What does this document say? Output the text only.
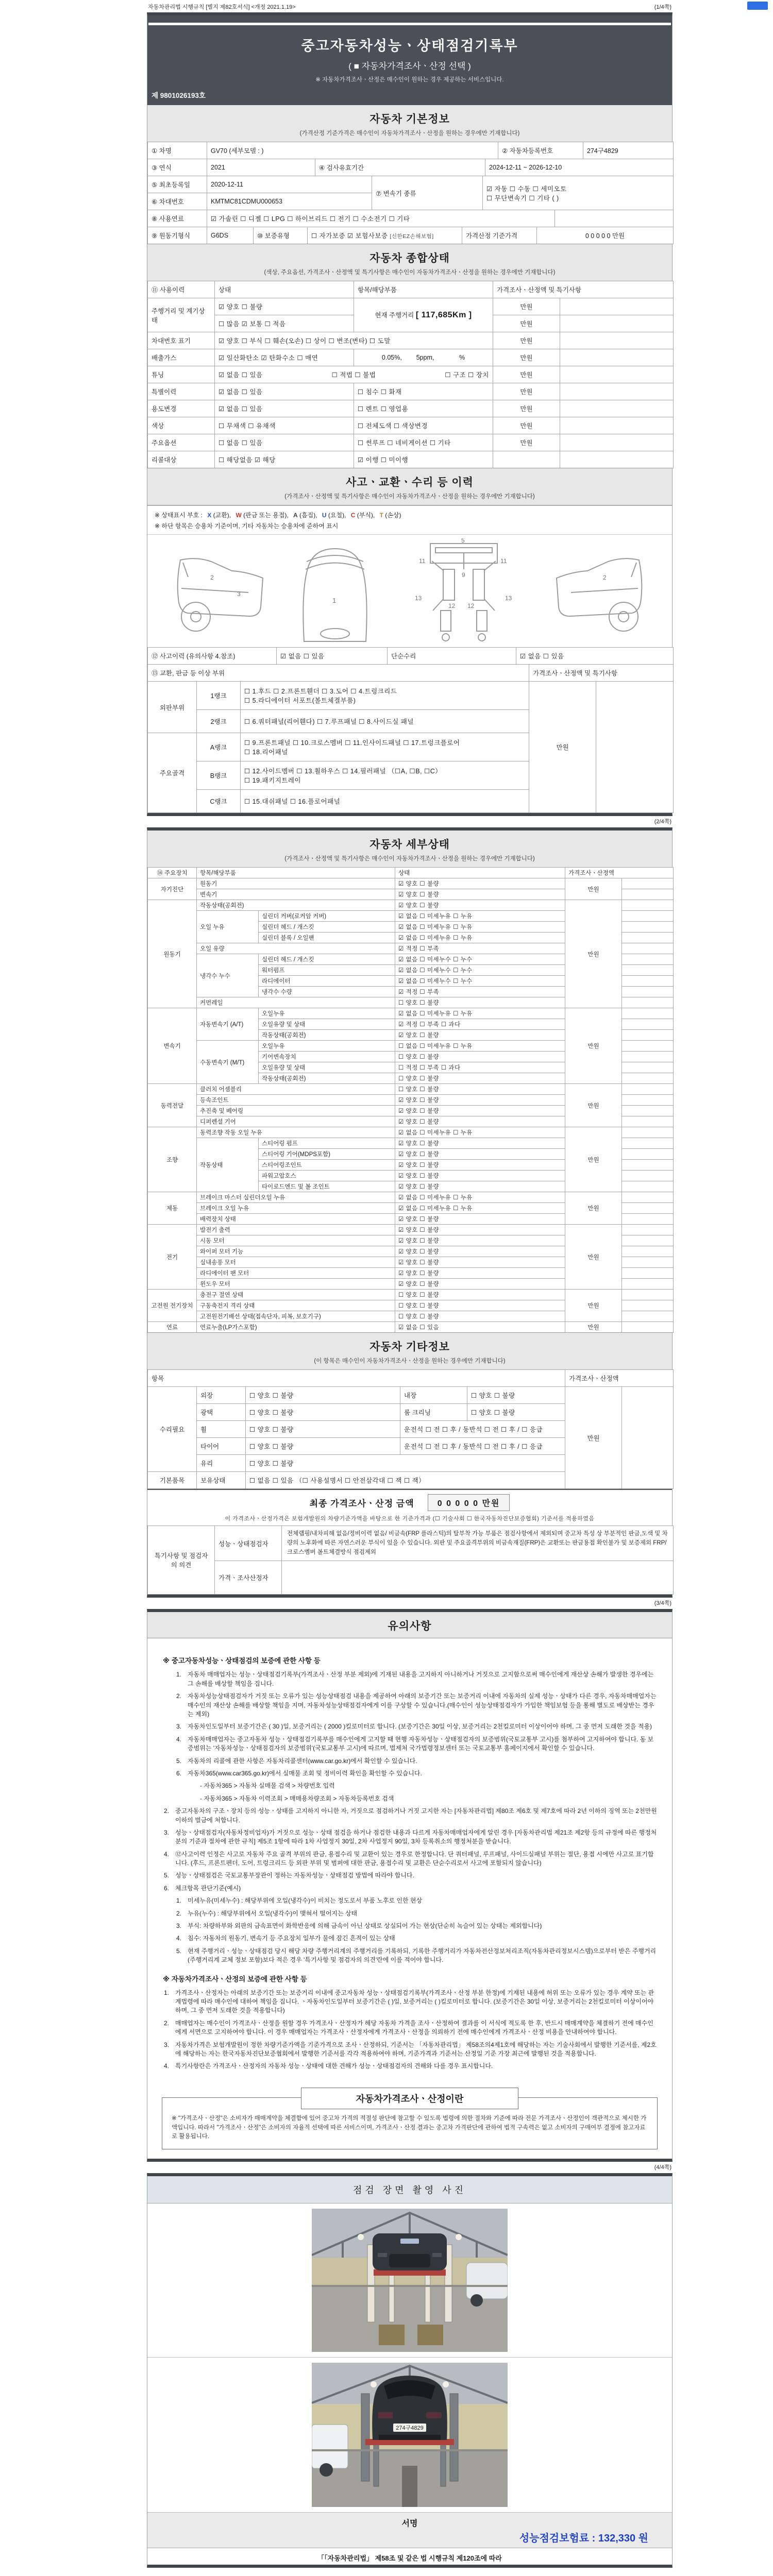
자동차관리법 시행규칙 [별지 제82호서식] <개정 2021.1.19>	(1/4쪽)
중고자동차성능ㆍ상태점검기록부
( ■ 자동차가격조사ㆍ산정 선택 )
※ 자동차가격조사ㆍ산정은 매수인이 원하는 경우 제공하는 서비스입니다.
제 9801026193호
자동차 기본정보
(가격산정 기준가격은 매수인이 자동차가격조사ㆍ산정을 원하는 경우에만 기재합니다)
① 차명	GV70 (세부모델 : )	② 자동차등록번호	274구4829
③ 연식	2021	④ 검사유효기간	2024-12-11 ~ 2026-12-10
⑤ 최초등록일	2020-12-11	⑦ 변속기 종류	☑ 자동 ☐ 수동 ☐ 세미오토
☐ 무단변속기 ☐ 기타 ( )

⑥ 차대번호	KMTMC81CDMU000653		
⑧ 사용연료	☑ 가솔린 ☐ 디젤 ☐ LPG ☐ 하이브리드 ☐ 전기 ☐ 수소전기 ☐ 기타	
⑨ 원동기형식	G6DS	⑩ 보증유형	☐ 자가보증 ☑ 보험사보증 [신한EZ손해보험]	가격산정 기준가격	0 0 0 0 0 만원
자동차 종합상태
(색상, 주요옵션, 가격조사ㆍ산정액 및 특기사항은 매수인이 자동차가격조사ㆍ산정을 원하는 경우에만 기재합니다)
⑪ 사용이력	상태	항목/해당부품	가격조사ㆍ산정액 및 특기사항	
주행거리 및 계기상태	☑ 양호 ☐ 불량	현재 주행거리 [ 117,685Km ]	만원	
	☐ 많음 ☑ 보통 ☐ 적음		만원	
차대번호 표기	☑ 양호 ☐ 부식 ☐ 훼손(오손) ☐ 상이 ☐ 변조(변타) ☐ 도말		만원	
배출가스	☑ 일산화탄소 ☑ 탄화수소 ☐ 매연	0.05%,        5ppm,              %	만원	
튜닝	☑ 없음 ☐ 있음 ☐ 적법 ☐ 불법 ☐ 구조 ☐ 장치		만원	
특별이력	☑ 없음 ☐ 있음	☐ 침수 ☐ 화재	만원	
용도변경	☑ 없음 ☐ 있음	☐ 렌트 ☐ 영업용	만원	
색상	☐ 무채색 ☐ 유채색	☐ 전체도색 ☐ 색상변경	만원	
주요옵션	☐ 없음 ☐ 있음	☐ 썬루프 ☐ 네비게이션 ☐ 기타	만원	
리콜대상	☐ 해당없음 ☑ 해당	☑ 이행 ☐ 미이행		
사고ㆍ교환ㆍ수리 등 이력
(가격조사ㆍ산정액 및 특기사항은 매수인이 자동차가격조사ㆍ산정을 원하는 경우에만 기재합니다)
※ 상태표시 부호 : X (교환), W (판금 또는 용접), A (흠집), U (요철), C (부식), T (손상)
※ 하단 항목은 승용차 기준이며, 기타 자동차는 승용차에 준하여 표시
2
3
1
5
9
11	11
12 12
13	13
2
⑫ 사고이력 (유의사항 4.참조)	☑ 없음 ☐ 있음	단순수리	☑ 없음 ☐ 있음
⑬ 교환, 판금 등 이상 부위			가격조사ㆍ산정액 및 특기사항	
외판부위	1랭크	☐ 1.후드 ☐ 2.프론트휀더 ☐ 3.도어 ☐ 4.트렁크리드
☐ 5.라디에이터 서포트(볼트체결부품)	만원	
	2랭크	☐ 6.쿼터패널(리어휀다) ☐ 7.루프패널 ☐ 8.사이드실 패널		
주요골격	A랭크	☐ 9.프론트패널 ☐ 10.크로스멤버 ☐ 11.인사이드패널 ☐ 17.트렁크플로어
☐ 18.리어패널		

	B랭크	☐ 12.사이드멤버 ☐ 13.휠하우스 ☐ 14.필러패널 （☐A, ☐B, ☐C）
☐ 19.패키지트레이		

	C랭크	☐ 15.대쉬패널 ☐ 16.플로어패널		
(2/4쪽)
자동차 세부상태
(가격조사ㆍ산정액 및 특기사항은 매수인이 자동차가격조사ㆍ산정을 원하는 경우에만 기재합니다)
⑭ 주요장치	항목/해당부품		상태	가격조사ㆍ산정액	
자기진단	원동기		☑ 양호 ☐ 불량	만원	
	변속기		☑ 양호 ☐ 불량		
원동기	작동상태(공회전)		☑ 양호 ☐ 불량	만원	
	오일 누유	실린더 커버(로커암 커버)	☑ 없음 ☐ 미세누유 ☐ 누유		
		실린더 헤드 / 개스킷	☑ 없음 ☐ 미세누유 ☐ 누유		
		실린더 블록 / 오일팬	☑ 없음 ☐ 미세누유 ☐ 누유		
	오일 유량		☑ 적정 ☐ 부족		
	냉각수 누수	실린더 헤드 / 개스킷	☑ 없음 ☐ 미세누수 ☐ 누수		
		워터펌프	☑ 없음 ☐ 미세누수 ☐ 누수		
		라디에이터	☑ 없음 ☐ 미세누수 ☐ 누수		
		냉각수 수량	☑ 적정 ☐ 부족		
	커먼레일		☐ 양호 ☐ 불량		
변속기	자동변속기 (A/T)	오일누유	☑ 없음 ☐ 미세누유 ☐ 누유	만원	
		오일유량 및 상태	☑ 적정 ☐ 부족 ☐ 과다		
		작동상태(공회전)	☑ 양호 ☐ 불량		
	수동변속기 (M/T)	오일누유	☐ 없음 ☐ 미세누유 ☐ 누유		
		기어변속장치	☐ 양호 ☐ 불량		
		오일유량 및 상태	☐ 적정 ☐ 부족 ☐ 과다		
		작동상태(공회전)	☐ 양호 ☐ 불량		
동력전달	클러치 어셈블리		☐ 양호 ☐ 불량	만원	
	등속조인트		☑ 양호 ☐ 불량		
	추진축 및 베어링		☑ 양호 ☐ 불량		
	디퍼렌셜 기어		☑ 양호 ☐ 불량		
조향	동력조향 작동 오일 누유		☑ 없음 ☐ 미세누유 ☐ 누유	만원	
	작동상태	스티어링 펌프	☑ 양호 ☐ 불량		
		스티어링 기어(MDPS포함)	☑ 양호 ☐ 불량		
		스티어링조인트	☑ 양호 ☐ 불량		
		파워고압호스	☑ 양호 ☐ 불량		
		타이로드엔드 및 볼 조인트	☑ 양호 ☐ 불량		
제동	브레이크 마스터 실린더오일 누유		☑ 없음 ☐ 미세누유 ☐ 누유	만원	
	브레이크 오일 누유		☑ 없음 ☐ 미세누유 ☐ 누유		
	배력장치 상태		☑ 양호 ☐ 불량		
전기	발전기 출력		☑ 양호 ☐ 불량	만원	
	시동 모터		☑ 양호 ☐ 불량		
	와이퍼 모터 기능		☑ 양호 ☐ 불량		
	실내송풍 모터		☑ 양호 ☐ 불량		
	라디에이터 팬 모터		☑ 양호 ☐ 불량		
	윈도우 모터		☑ 양호 ☐ 불량		
고전원 전기장치	충전구 절연 상태		☐ 양호 ☐ 불량	만원	
	구동축전지 격리 상태		☐ 양호 ☐ 불량		
	고전원전기배선 상태(접속단자, 피복, 보호기구)		☐ 양호 ☐ 불량		
연료	연료누출(LP가스포함)		☑ 없음 ☐ 있음	만원	
자동차 기타정보
(이 항목은 매수인이 자동차가격조사ㆍ산정을 원하는 경우에만 기재합니다)
항목					가격조사ㆍ산정액	
수리필요	외장	☐ 양호 ☐ 불량	내장	☐ 양호 ☐ 불량	만원	
	광택	☐ 양호 ☐ 불량	룸 크리닝	☐ 양호 ☐ 불량		
	휠	☐ 양호 ☐ 불량	운전석 ☐ 전 ☐ 후 / 동반석 ☐ 전 ☐ 후 / ☐ 응급			
	타이어	☐ 양호 ☐ 불량	운전석 ☐ 전 ☐ 후 / 동반석 ☐ 전 ☐ 후 / ☐ 응급			
	유리	☐ 양호 ☐ 불량				
기본품목	보유상태	☐ 없음 ☐ 있음 （☐ 사용설명서 ☐ 안전삼각대 ☐ 잭 ☐ 잭）				
최종 가격조사ㆍ산정 금액	0 0 0 0 0 만원
이 가격조사ㆍ산정가격은 보험개발원의 차량기준가액을 바탕으로 한 기준가격과 (☐ 기술사회 ☐ 한국자동차진단보증협회) 기준서를 적용하였음
특기사항 및 점검자의 의견	성능ㆍ상태점검자	전체랩핑/내차피해 없음/정비이력 없음/ 비금속(FRP 플라스틱)의 탈부착 가능 부품은 점검사항에서 제외되며 중고차 특성 상 부분적인 판금,도색 및 차량의 노후화에 따른 자연스러운 부식이 있을 수 있습니다. 외판 및 주요골격부위의 비금속재질(FRP)은 교환또는 판금용접 확인불가 및 보증제외 FRP/크로스멤버 볼트체결방식 점검제외
	가격ㆍ조사산정자	
(3/4쪽)
유의사항

※ 중고자동차성능ㆍ상태점검의 보증에 관한 사항 등

1. 자동차 매매업자는 성능ㆍ상태점검기록부(가격조사ㆍ산정 부분 제외)에 기재된 내용을 고지하지 아니하거나 거짓으로 고지함으로써 매수인에게 재산상 손해가 발생한 경우에는 그 손해를 배상할 책임을 집니다.

2. 자동차성능상태점검자가 거짓 또는 오류가 있는 성능상태점검 내용을 제공하여 아래의 보증기간 또는 보증거리 이내에 자동차의 실제 성능ㆍ상태가 다른 경우, 자동차매매업자는 매수인의 재산상 손해를 배상할 책임을 지며, 자동차성능상태점검자에게 이를 구상할 수 있습니다.(매수인이 성능상태점검자가 가입한 책임보험 등을 통해 별도로 배상받는 경우는 제외)

3. 자동차인도일부터 보증기간은 ( 30 )일, 보증거리는 ( 2000 )킬로미터로 합니다. (보증기간은 30일 이상, 보증거리는 2천킬로미터 이상이어야 하며, 그 중 먼저 도래한 것을 적용)

4. 자동차매매업자는 중고자동차 성능ㆍ상태점검기록부를 매수인에게 고지할 때 현행 자동차성능ㆍ상태점검자의 보증범위(국토교통부 고시)를 첨부하여 고지하여야 합니다. 동 보증범위는 '자동차성능ㆍ상태점검자의 보증범위'(국토교통부 고시)에 따르며, 법제처 국가법령정보센터 또는 국토교통부 홈페이지에서 확인할 수 있습니다.

5. 자동차의 리콜에 관한 사항은 자동차리콜센터(www.car.go.kr)에서 확인할 수 있습니다.

6. 자동차365(www.car365.go.kr)에서 실매물 조회 및 정비이력 확인을 확인할 수 있습니다.

- 자동차365 > 자동차 실매물 검색 > 차량번호 입력

- 자동차365 > 자동차 이력조회 > 매매용차량조회 > 자동차등록번호 검색

2. 중고자동차의 구조ㆍ장치 등의 성능ㆍ상태를 고지하지 아니한 자, 거짓으로 점검하거나 거짓 고지한 자는 [자동차관리법] 제80조 제6호 및 제7호에 따라 2년 이하의 징역 또는 2천만원 이하의 벌금에 처합니다.

3. 성능ㆍ상태점검자(자동차정비업자)가 거짓으로 성능ㆍ상태 점검을 하거나 점검한 내용과 다르게 자동차매매업자에게 알린 경우 [자동차관리법 제21조 제2항 등의 규정에 따른 행정처분의 기준과 절차에 관한 규칙] 제5조 1항에 따라 1차 사업정지 30일, 2차 사업정지 90일, 3차 등록취소의 행정처분을 받습니다.

4. ⑫사고이력 인정은 사고로 자동차 주요 골격 부위의 판금, 용접수리 및 교환이 있는 경우로 한정합니다. 단 쿼터패널, 루프패널, 사이드실패널 부위는 절단, 용접 시에만 사고로 표기합니다. (후드, 프론트펜더, 도어, 트렁크리드 등 외판 부위 및 범퍼에 대한 판금, 용접수리 및 교환은 단순수리로서 사고에 포함되지 않습니다)

5. 성능ㆍ상태점검은 국토교통부장관이 정하는 자동차성능ㆍ상태점검 방법에 따라야 합니다.

6. 체크항목 판단기준(예시)

1. 미세누유(미세누수) : 해당부위에 오일(냉각수)이 비치는 정도로서 부품 노후로 인한 현상

2. 누유(누수) : 해당부위에서 오일(냉각수)이 맺혀서 떨어지는 상태

3. 부식: 차량하부와 외판의 금속표면이 화학반응에 의해 금속이 아닌 상태로 상실되어 가는 현상(단순히 녹슬어 있는 상태는 제외합니다)

4. 침수: 자동차의 원동기, 변속기 등 주요장치 일부가 물에 잠긴 흔적이 있는 상태

5. 현재 주행거리ㆍ성능ㆍ상태점검 당시 해당 차량 주행거리계의 주행거리를 기록하되, 기록한 주행거리가 자동차전산정보처리조직(자동차관리정보시스템)으로부터 받은 주행거리(주행거리계 교체 정보 포함)보다 적은 경우 '특기사항 및 점검자의 의견'란에 이를 적어야 합니다.

※ 자동차가격조사ㆍ산정의 보증에 관한 사항 등

1. 가격조사ㆍ산정자는 아래의 보증기간 또는 보증거리 이내에 중고자동차 성능ㆍ상태점검기록부(가격조사ㆍ산정 부분 한정)에 기재된 내용에 허위 또는 오류가 있는 경우 계약 또는 관계법령에 따라 매수인에 대하여 책임을 집니다. ㆍ자동차인도일부터 보증기간은 ( )일, 보증거리는 ( )킬로미터로 합니다. (보증기간은 30일 이상, 보증거리는 2천킬로미터 이상이어야 하며, 그 중 먼저 도래한 것을 적용합니다)

2. 매매업자는 매수인이 가격조사ㆍ산정을 원할 경우 가격조사ㆍ산정자가 해당 자동차 가격을 조사ㆍ산정하여 결과를 이 서식에 적도록 한 후, 반드시 매매계약을 체결하기 전에 매수인에게 서면으로 고지하여야 합니다. 이 경우 매매업자는 가격조사ㆍ산정자에게 가격조사ㆍ산정을 의뢰하기 전에 매수인에게 가격조사ㆍ산정 비용을 안내하여야 합니다.

3. 자동차가격은 보험개발원이 정한 차량기준가액을 기준가격으로 조사ㆍ산정하되, 기준서는 「자동차관리법」 제58조의4제1호에 해당하는 자는 기술사회에서 발행한 기준서를, 제2호에 해당하는 자는 한국자동차진단보증협회에서 발행한 기준서를 각각 적용하여야 하며, 기준가격과 기준서는 산정일 기준 가장 최근에 발행된 것을 적용합니다.

4. 특기사항란은 가격조사ㆍ산정자의 자동차 성능ㆍ상태에 대한 견해가 성능ㆍ상태점검자의 견해와 다를 경우 표시합니다.

자동차가격조사ㆍ산정이란
※ "가격조사ㆍ산정"은 소비자가 매매계약을 체결함에 있어 중고차 가격의 적절성 판단에 참고할 수 있도록 법령에 의한 절차와 기준에 따라 전문 가격조사ㆍ산정인이 객관적으로 제시한 가액입니다. 따라서 "가격조사ㆍ산정"은 소비자의 자율적 선택에 따른 서비스이며, 가격조사ㆍ산정 결과는 중고차 가격판단에 관하여 법적 구속력은 없고 소비자의 구매여부 결정에 참고자료로 활용됩니다.
(4/4쪽)
점검 장면 촬영 사진
274구4829
서명
성능점검보험료 : 132,330 원
「「자동차관리법」 제58조 및 같은 법 시행규칙 제120조에 따라
